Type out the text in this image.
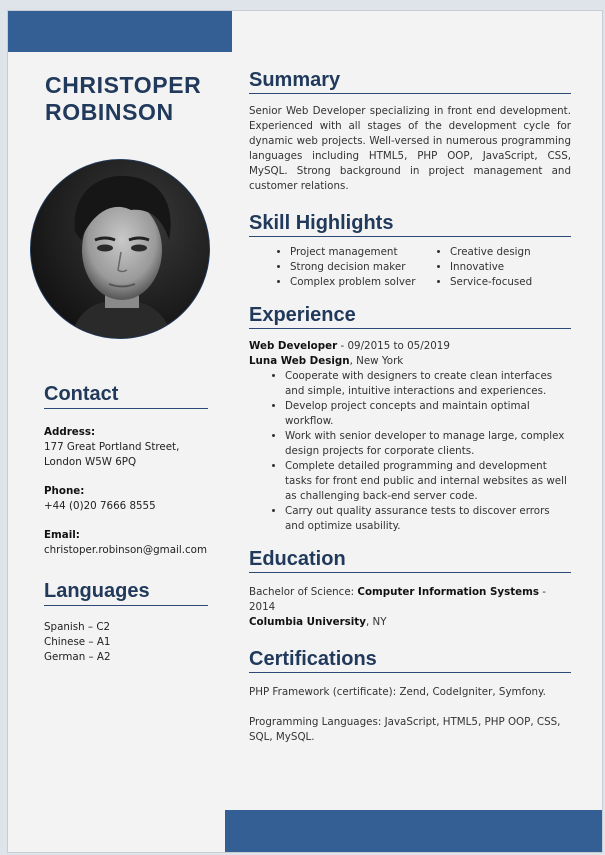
CHRISTOPER
ROBINSON
Contact
Address:
177 Great Portland Street,
London W5W 6PQ
Phone:
+44 (0)20 7666 8555
Email:
christoper.robinson@gmail.com
Languages
Spanish – C2
Chinese – A1
German – A2
Summary

Senior Web Developer specializing in front end development. Experienced with all stages of the development cycle for dynamic web projects. Well-versed in numerous programming languages including HTML5, PHP OOP, JavaScript, CSS, MySQL. Strong background in project management and customer relations.

Skill Highlights
• Project management
• Strong decision maker
• Complex problem solver
• Creative design
• Innovative
• Service-focused
Experience
Web Developer - 09/2015 to 05/2019
Luna Web Design, New York
• Cooperate with designers to create clean interfaces and simple, intuitive interactions and experiences.
• Develop project concepts and maintain optimal workflow.
• Work with senior developer to manage large, complex design projects for corporate clients.
• Complete detailed programming and development tasks for front end public and internal websites as well as challenging back-end server code.
• Carry out quality assurance tests to discover errors and optimize usability.
Education
Bachelor of Science: Computer Information Systems - 2014
Columbia University, NY
Certifications

PHP Framework (certificate): Zend, CodeIgniter, Symfony.

Programming Languages: JavaScript, HTML5, PHP OOP, CSS, SQL, MySQL.
